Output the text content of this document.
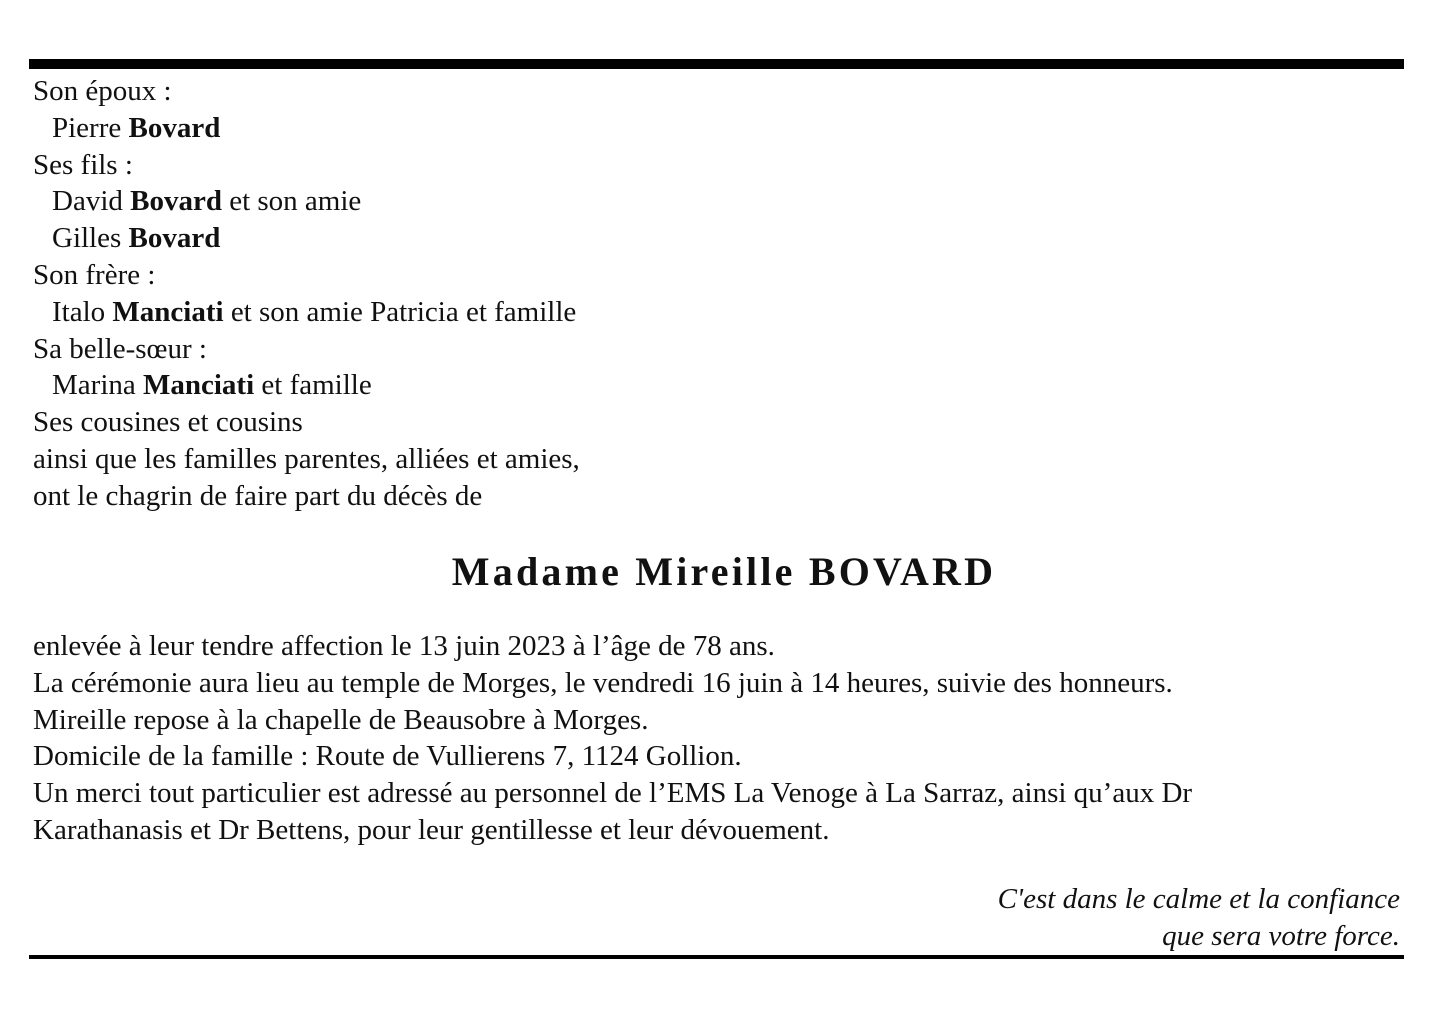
Son époux :
Pierre Bovard
Ses fils :
David Bovard et son amie
Gilles Bovard
Son frère :
Italo Manciati et son amie Patricia et famille
Sa belle-sœur :
Marina Manciati et famille
Ses cousines et cousins
ainsi que les familles parentes, alliées et amies,
ont le chagrin de faire part du décès de
Madame Mireille BOVARD
enlevée à leur tendre affection le 13 juin 2023 à l’âge de 78 ans.
La cérémonie aura lieu au temple de Morges, le vendredi 16 juin à 14 heures, suivie des honneurs.
Mireille repose à la chapelle de Beausobre à Morges.
Domicile de la famille : Route de Vullierens 7, 1124 Gollion.
Un merci tout particulier est adressé au personnel de l’EMS La Venoge à La Sarraz, ainsi qu’aux Dr
Karathanasis et Dr Bettens, pour leur gentillesse et leur dévouement.
C'est dans le calme et la confiance
que sera votre force.
